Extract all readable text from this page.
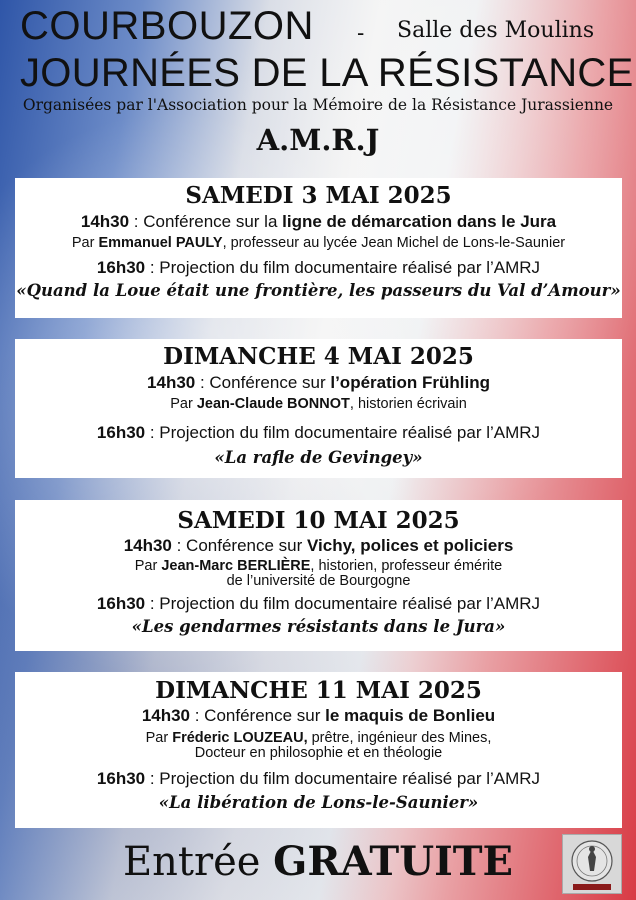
COURBOUZON - Salle des Moulins
JOURNÉES DE LA RÉSISTANCE
Organisées par l'Association pour la Mémoire de la Résistance Jurassienne
A.M.R.J
SAMEDI 3 MAI 2025
14h30 : Conférence sur la ligne de démarcation dans le Jura
Par Emmanuel PAULY, professeur au lycée Jean Michel de Lons-le-Saunier
16h30 : Projection du film documentaire réalisé par l’AMRJ
«Quand la Loue était une frontière, les passeurs du Val d’Amour»
DIMANCHE 4 MAI 2025
14h30 : Conférence sur l’opération Frühling
Par Jean-Claude BONNOT, historien écrivain
16h30 : Projection du film documentaire réalisé par l’AMRJ
«La rafle de Gevingey»
SAMEDI 10 MAI 2025
14h30 : Conférence sur Vichy, polices et policiers
Par Jean-Marc BERLIÈRE, historien, professeur émérite
de l’université de Bourgogne
16h30 : Projection du film documentaire réalisé par l’AMRJ
«Les gendarmes résistants dans le Jura»
DIMANCHE 11 MAI 2025
14h30 : Conférence sur le maquis de Bonlieu
Par Fréderic LOUZEAU, prêtre, ingénieur des Mines,
Docteur en philosophie et en théologie
16h30 : Projection du film documentaire réalisé par l’AMRJ
«La libération de Lons-le-Saunier»
Entrée GRATUITE
